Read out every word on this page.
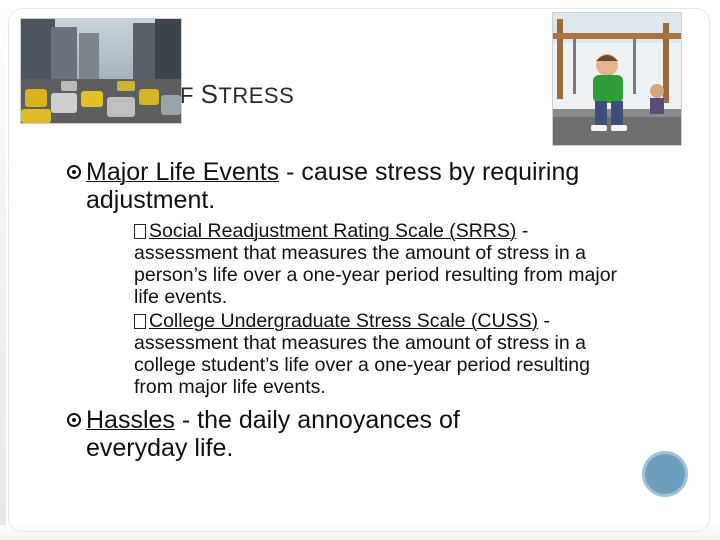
F STRESS
Major Life Events - cause stress by requiring adjustment.
Social Readjustment Rating Scale (SRRS) - assessment that measures the amount of stress in a person’s life over a one-year period resulting from major life events.
College Undergraduate Stress Scale (CUSS) - assessment that measures the amount of stress in a college student’s life over a one-year period resulting from major life events.
Hassles - the daily annoyances of everyday life.
